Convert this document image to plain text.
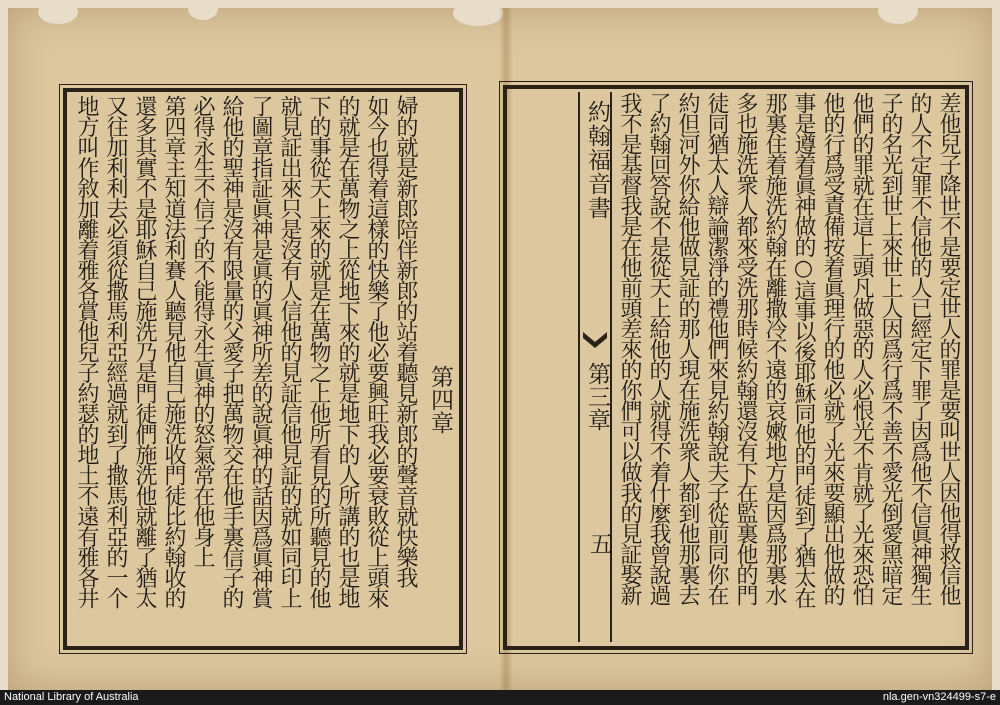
差他兒子降世不是要定世人的罪是要叫世人因他得救信他
的人不定罪不信他的人已經定下罪了因爲他不信眞神獨生
子的名光到世上來世上人因爲行爲不善不愛光倒愛黑暗定
他們的罪就在這上頭凡做惡的人必恨光不肯就了光來恐怕
他的行爲受責備按着眞理行的他必就了光來要顯出他做的
事是遵着眞神做的○這事以後耶穌同他的門徒到了猶太在
那裏住着施洗約翰在離撒冷不遠的哀嫩地方是因爲那裏水
多也施洗衆人都來受洗那時候約翰還沒有下在監裏他的門
徒同猶太人辯論潔淨的禮他們來見約翰說夫子從前同你在
約但河外你給他做見証的那人現在施洗衆人都到他那裏去
了約翰回答說不是從天上給他的人就得不着什麼我曾說過
我不是基督我是在他前頭差來的你們可以做我的見証娶新
約翰福音書
第三章
五
第四章
婦的就是新郎陪伴新郎的站着聽見新郎的聲音就快樂我
如今也得着這樣的快樂了他必要興旺我必要衰敗從上頭來
的就是在萬物之上從地下來的就是地下的人所講的也是地
下的事從天上來的就是在萬物之上他所看見的所聽見的他
就見証出來只是沒有人信他的見証信他見証的就如同印上
了圖章指証眞神是眞的眞神所差的說眞神的話因爲眞神賞
給他的聖神是沒有限量的父愛子把萬物交在他手裏信子的
必得永生不信子的不能得永生眞神的怒氣常在他身上
第四章主知道法利賽人聽見他自己施洗收門徒比約翰收的
還多其實不是耶穌自己施洗乃是門徒們施洗他就離了猶太
又往加利利去必須從撒馬利亞經過就到了撒馬利亞的一个
地方叫作敘加離着雅各賞他兒子約瑟的地土不遠有雅各井
National Library of Australia	nla.gen-vn324499-s7-e
